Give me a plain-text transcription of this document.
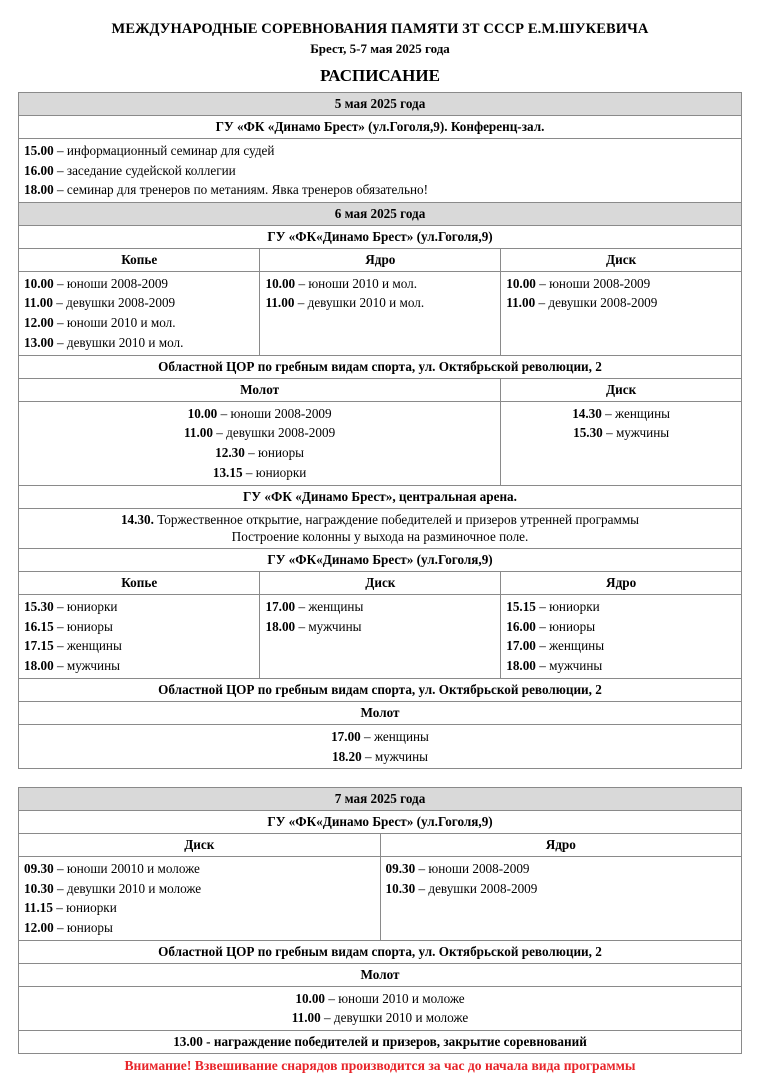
МЕЖДУНАРОДНЫЕ СОРЕВНОВАНИЯ ПАМЯТИ ЗТ СССР Е.М.ШУКЕВИЧА
Брест, 5-7 мая 2025 года
РАСПИСАНИЕ
5 мая 2025 года		
ГУ «ФК «Динамо Брест» (ул.Гоголя,9). Конференц-зал.		

15.00 – информационный семинар для судей
16.00 – заседание судейской коллегии
18.00 – семинар для тренеров по метаниям. Явка тренеров обязательно!		

6 мая 2025 года		
ГУ «ФК«Динамо Брест» (ул.Гоголя,9)		
Копье	Ядро	Диск

10.00 – юноши 2008-2009
11.00 – девушки 2008-2009
12.00 – юноши 2010 и мол.
13.00 – девушки 2010 и мол.

10.00 – юноши 2010 и мол.
11.00 – девушки 2010 и мол.

10.00 – юноши 2008-2009
11.00 – девушки 2008-2009

Областной ЦОР по гребным видам спорта, ул. Октябрьской революции, 2		
Молот		Диск

10.00 – юноши 2008-2009
11.00 – девушки 2008-2009
12.30 – юниоры
13.15 – юниорки

14.30 – женщины
15.30 – мужчины

ГУ «ФК «Динамо Брест», центральная арена.		

14.30. Торжественное открытие, награждение победителей и призеров утренней программы
Построение колонны у выхода на разминочное поле.		

ГУ «ФК«Динамо Брест» (ул.Гоголя,9)		
Копье	Диск	Ядро

15.30 – юниорки
16.15 – юниоры
17.15 – женщины
18.00 – мужчины

17.00 – женщины
18.00 – мужчины

15.15 – юниорки
16.00 – юниоры
17.00 – женщины
18.00 – мужчины

Областной ЦОР по гребным видам спорта, ул. Октябрьской революции, 2		
Молот		

17.00 – женщины
18.20 – мужчины		
7 мая 2025 года	
ГУ «ФК«Динамо Брест» (ул.Гоголя,9)	
Диск	Ядро

09.30 – юноши 20010 и моложе
10.30 – девушки 2010 и моложе
11.15 – юниорки
12.00 – юниоры

09.30 – юноши 2008-2009
10.30 – девушки 2008-2009

Областной ЦОР по гребным видам спорта, ул. Октябрьской революции, 2	
Молот	

10.00 – юноши 2010 и моложе
11.00 – девушки 2010 и моложе	

13.00 - награждение победителей и призеров, закрытие соревнований	
Внимание! Взвешивание снарядов производится за час до начала вида программы
